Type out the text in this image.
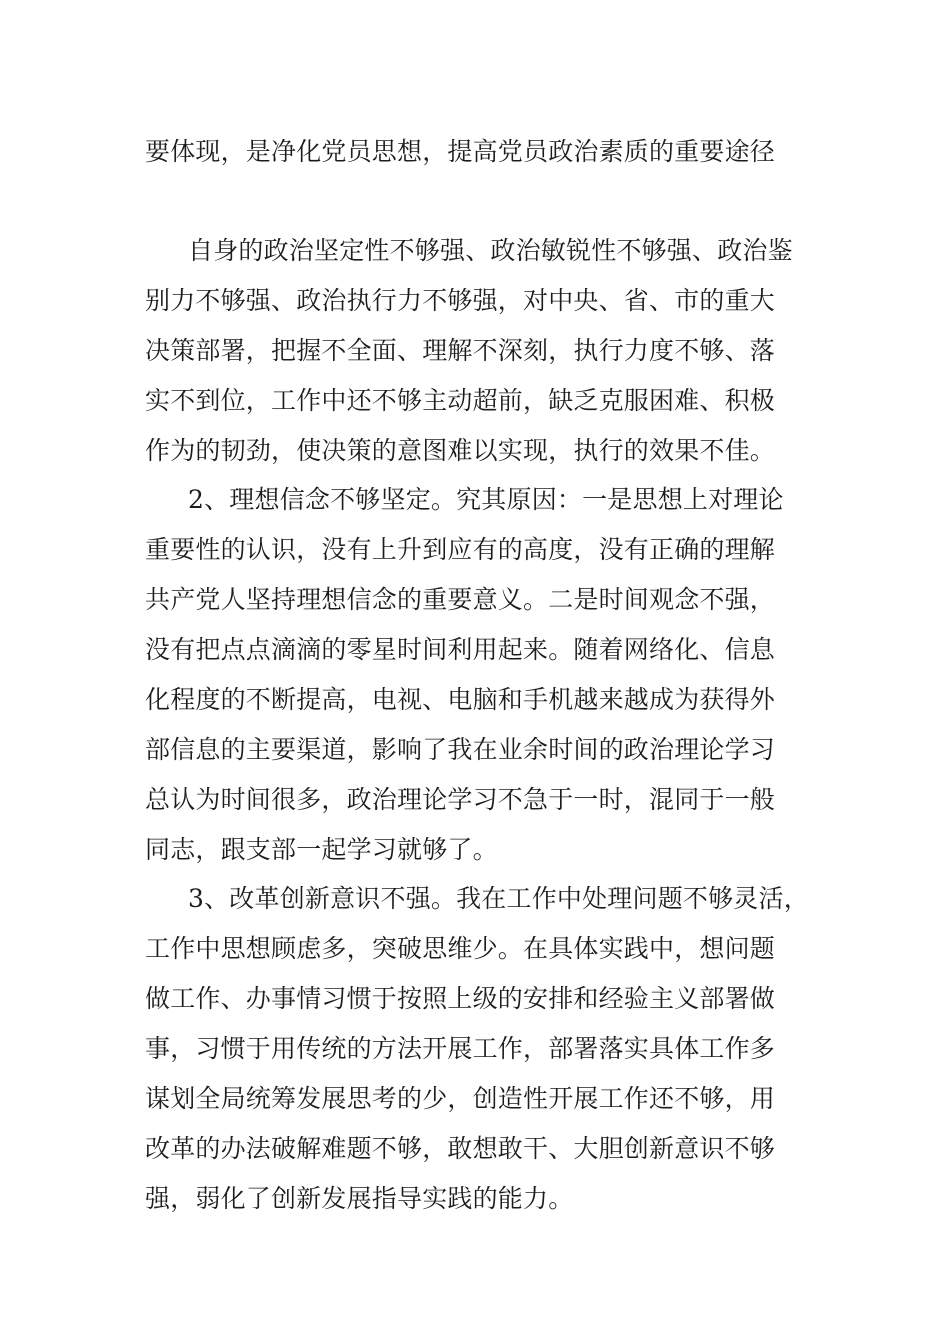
要体现，是净化党员思想，提高党员政治素质的重要途径

自身的政治坚定性不够强、政治敏锐性不够强、政治鉴

别力不够强、政治执行力不够强，对中央、省、市的重大

决策部署，把握不全面、理解不深刻，执行力度不够、落

实不到位，工作中还不够主动超前，缺乏克服困难、积极

作为的韧劲，使决策的意图难以实现，执行的效果不佳。

2、理想信念不够坚定。究其原因：一是思想上对理论

重要性的认识，没有上升到应有的高度，没有正确的理解

共产党人坚持理想信念的重要意义。二是时间观念不强，

没有把点点滴滴的零星时间利用起来。随着网络化、信息

化程度的不断提高，电视、电脑和手机越来越成为获得外

部信息的主要渠道，影响了我在业余时间的政治理论学习

总认为时间很多，政治理论学习不急于一时，混同于一般

同志，跟支部一起学习就够了。

3、改革创新意识不强。我在工作中处理问题不够灵活，

工作中思想顾虑多，突破思维少。在具体实践中，想问题

做工作、办事情习惯于按照上级的安排和经验主义部署做

事，习惯于用传统的方法开展工作，部署落实具体工作多

谋划全局统筹发展思考的少，创造性开展工作还不够，用

改革的办法破解难题不够，敢想敢干、大胆创新意识不够

强，弱化了创新发展指导实践的能力。
